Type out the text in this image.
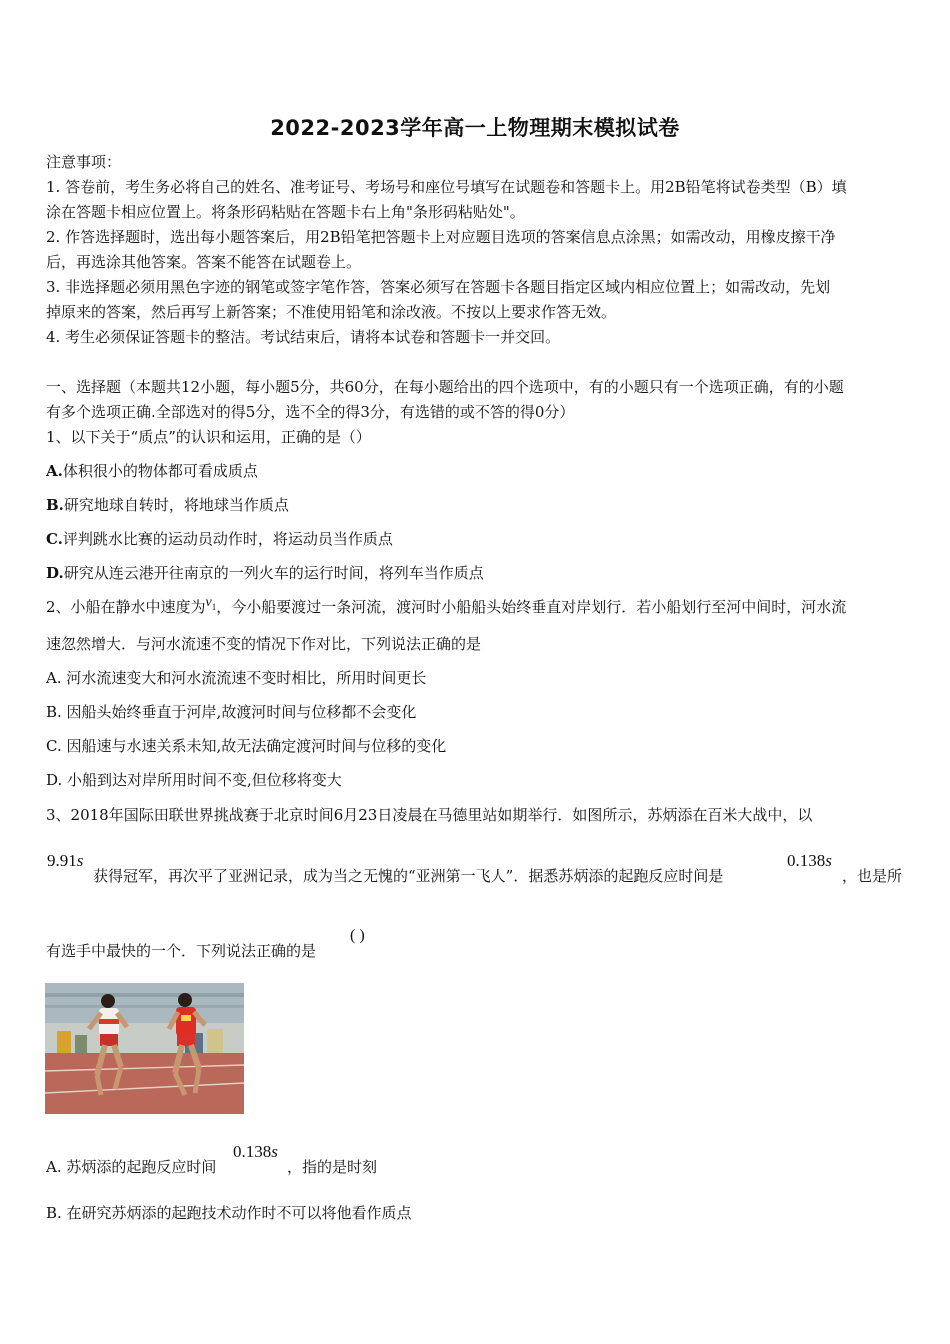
2022-2023学年高一上物理期末模拟试卷
注意事项：
1. 答卷前，考生务必将自己的姓名、准考证号、考场号和座位号填写在试题卷和答题卡上。用2B铅笔将试卷类型（B）填
涂在答题卡相应位置上。将条形码粘贴在答题卡右上角"条形码粘贴处"。
2. 作答选择题时，选出每小题答案后，用2B铅笔把答题卡上对应题目选项的答案信息点涂黑；如需改动，用橡皮擦干净
后，再选涂其他答案。答案不能答在试题卷上。
3. 非选择题必须用黑色字迹的钢笔或签字笔作答，答案必须写在答题卡各题目指定区域内相应位置上；如需改动，先划
掉原来的答案，然后再写上新答案；不准使用铅笔和涂改液。不按以上要求作答无效。
4. 考生必须保证答题卡的整洁。考试结束后，请将本试卷和答题卡一并交回。
一、选择题（本题共12小题，每小题5分，共60分，在每小题给出的四个选项中，有的小题只有一个选项正确，有的小题
有多个选项正确.全部选对的得5分，选不全的得3分，有选错的或不答的得0分）
1、以下关于“质点”的认识和运用，正确的是（）
A.体积很小的物体都可看成质点
B.研究地球自转时，将地球当作质点
C.评判跳水比赛的运动员动作时，将运动员当作质点
D.研究从连云港开往南京的一列火车的运行时间，将列车当作质点
2、小船在静水中速度为$v_1$，今小船要渡过一条河流，渡河时小船船头始终垂直对岸划行．若小船划行至河中间时，河水流
速忽然增大．与河水流速不变的情况下作对比，下列说法正确的是
A. 河水流速变大和河水流流速不变时相比，所用时间更长
B. 因船头始终垂直于河岸,故渡河时间与位移都不会变化
C. 因船速与水速关系未知,故无法确定渡河时间与位移的变化
D. 小船到达对岸所用时间不变,但位移将变大
3、2018年国际田联世界挑战赛于北京时间6月23日凌晨在马德里站如期举行．如图所示，苏炳添在百米大战中，以
9.91s
获得冠军，再次平了亚洲记录，成为当之无愧的“亚洲第一飞人”．据悉苏炳添的起跑反应时间是
0.138s
，也是所
有选手中最快的一个．下列说法正确的是
( )
A. 苏炳添的起跑反应时间
0.138s
，指的是时刻
B. 在研究苏炳添的起跑技术动作时不可以将他看作质点
